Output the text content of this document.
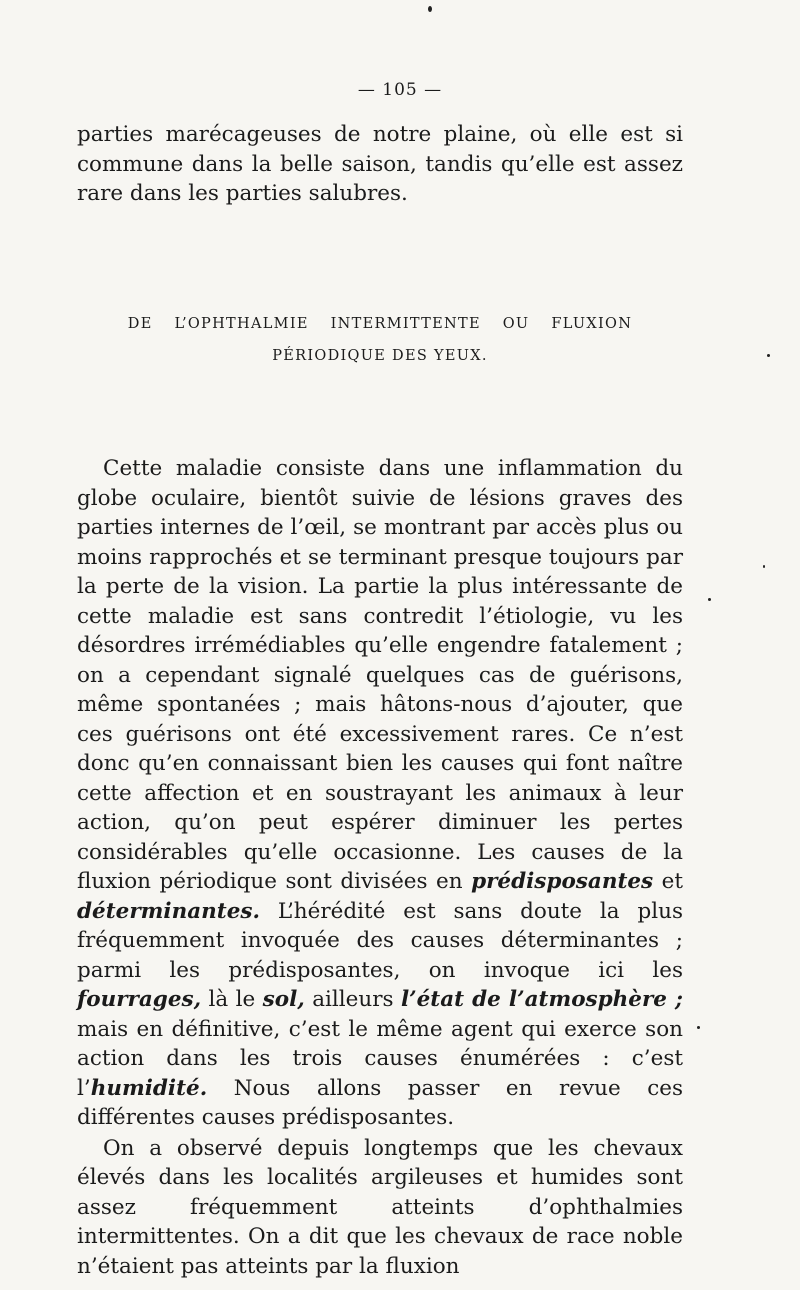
— 105 —

parties marécageuses de notre plaine, où elle est si commune dans la belle saison, tandis qu’elle est assez rare dans les parties salubres.

DE L’OPHTHALMIE INTERMITTENTE OU FLUXION
PÉRIODIQUE DES YEUX.

Cette maladie consiste dans une inflammation du globe oculaire, bientôt suivie de lésions graves des parties internes de l’œil, se montrant par accès plus ou moins rapprochés et se terminant presque toujours par la perte de la vision. La partie la plus intéressante de cette maladie est sans contredit l’étiologie, vu les désordres irrémédiables qu’elle engendre fatalement ; on a cependant signalé quelques cas de guérisons, même spontanées ; mais hâtons-nous d’ajouter, que ces guérisons ont été excessivement rares. Ce n’est donc qu’en connaissant bien les causes qui font naître cette affection et en soustrayant les animaux à leur action, qu’on peut espérer diminuer les pertes considérables qu’elle occasionne. Les causes de la fluxion périodique sont divisées en prédisposantes et déterminantes. L’hérédité est sans doute la plus fréquemment invoquée des causes déterminantes ; parmi les prédisposantes, on invoque ici les fourrages, là le sol, ailleurs l’état de l’atmosphère ; mais en définitive, c’est le même agent qui exerce son action dans les trois causes énumérées : c’est l’humidité. Nous allons passer en revue ces différentes causes prédisposantes.

On a observé depuis longtemps que les chevaux élevés dans les localités argileuses et humides sont assez fréquemment atteints d’ophthalmies intermittentes. On a dit que les chevaux de race noble n’étaient pas atteints par la fluxion
